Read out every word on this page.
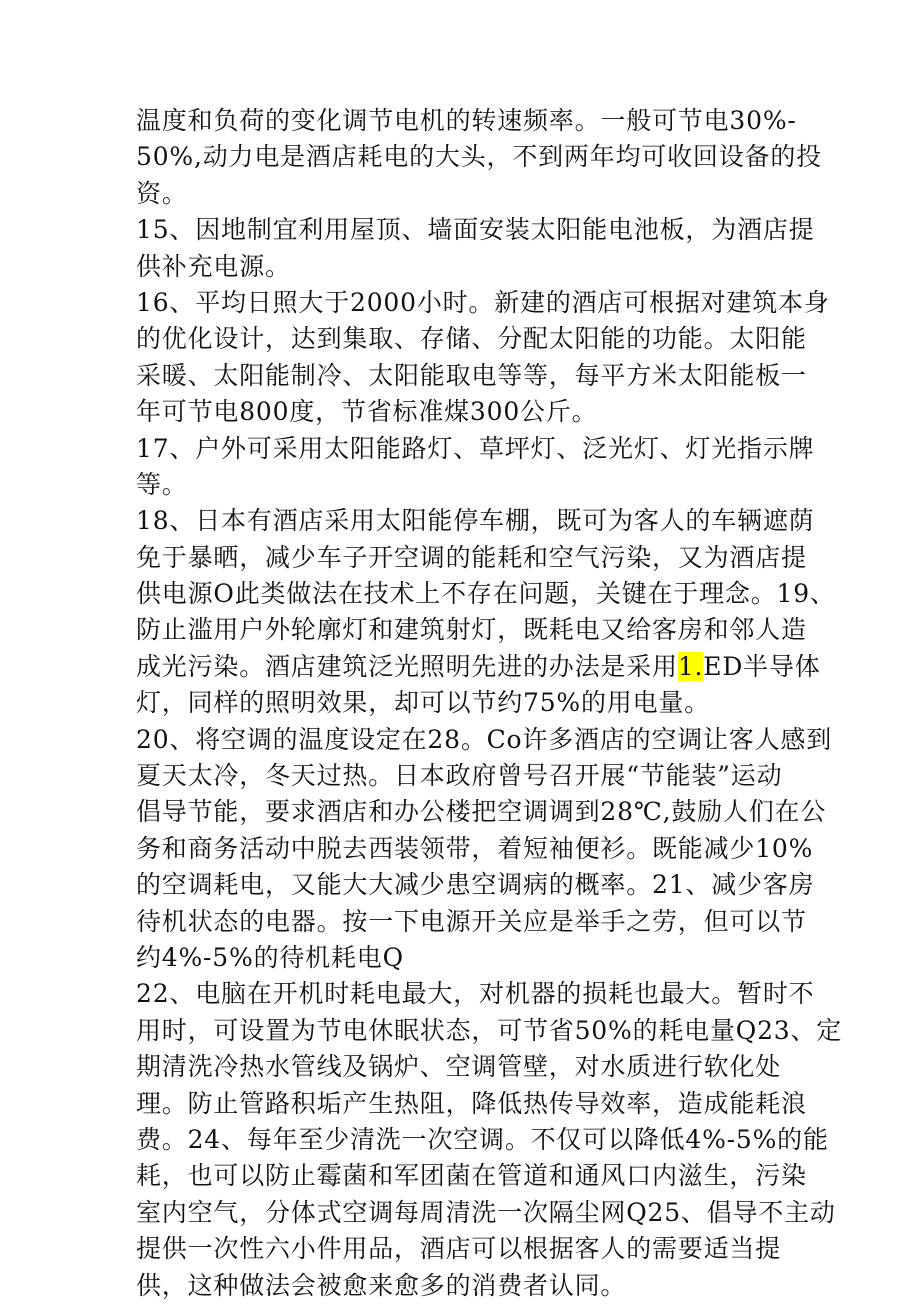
温度和负荷的变化调节电机的转速频率。一般可节电30%-
50%,动力电是酒店耗电的大头，不到两年均可收回设备的投
资。
15、因地制宜利用屋顶、墙面安装太阳能电池板，为酒店提
供补充电源。
16、平均日照大于2000小时。新建的酒店可根据对建筑本身
的优化设计，达到集取、存储、分配太阳能的功能。太阳能
采暖、太阳能制冷、太阳能取电等等，每平方米太阳能板一
年可节电800度，节省标准煤300公斤。
17、户外可采用太阳能路灯、草坪灯、泛光灯、灯光指示牌
等。
18、日本有酒店采用太阳能停车棚，既可为客人的车辆遮荫
免于暴晒，减少车子开空调的能耗和空气污染，又为酒店提
供电源O此类做法在技术上不存在问题，关键在于理念。19、
防止滥用户外轮廓灯和建筑射灯，既耗电又给客房和邻人造
成光污染。酒店建筑泛光照明先进的办法是采用1.ED半导体
灯，同样的照明效果，却可以节约75%的用电量。
20、将空调的温度设定在28。Co许多酒店的空调让客人感到
夏天太冷，冬天过热。日本政府曾号召开展“节能装”运动
倡导节能，要求酒店和办公楼把空调调到28℃,鼓励人们在公
务和商务活动中脱去西装领带，着短袖便衫。既能减少10%
的空调耗电，又能大大减少患空调病的概率。21、减少客房
待机状态的电器。按一下电源开关应是举手之劳，但可以节
约4%-5%的待机耗电Q
22、电脑在开机时耗电最大，对机器的损耗也最大。暂时不
用时，可设置为节电休眠状态，可节省50%的耗电量Q23、定
期清洗冷热水管线及锅炉、空调管壁，对水质进行软化处
理。防止管路积垢产生热阻，降低热传导效率，造成能耗浪
费。24、每年至少清洗一次空调。不仅可以降低4%-5%的能
耗，也可以防止霉菌和军团菌在管道和通风口内滋生，污染
室内空气，分体式空调每周清洗一次隔尘网Q25、倡导不主动
提供一次性六小件用品，酒店可以根据客人的需要适当提
供，这种做法会被愈来愈多的消费者认同。
